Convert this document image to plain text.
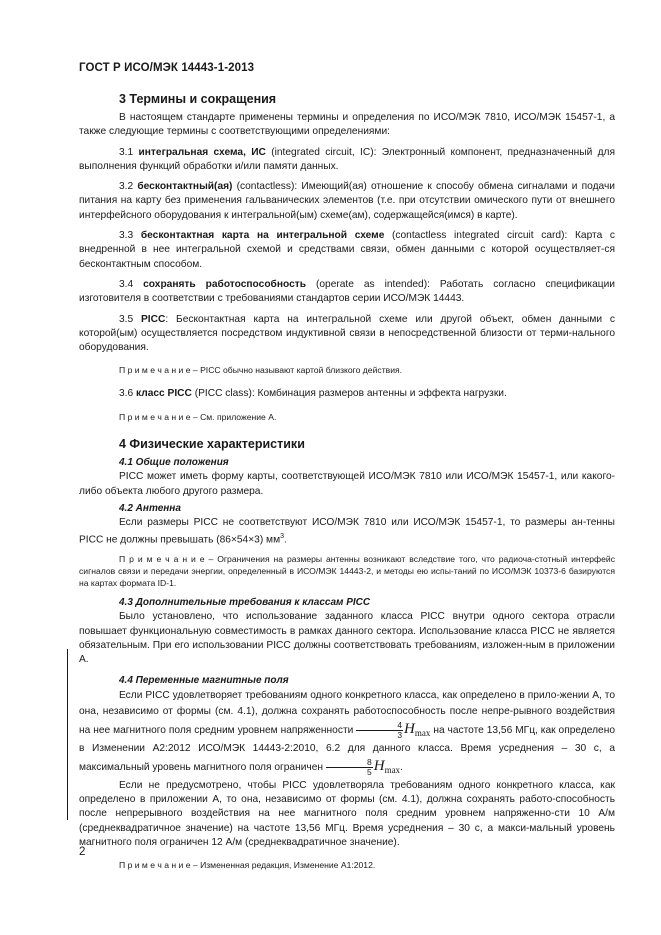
ГОСТ Р ИСО/МЭК 14443-1-2013
3 Термины и сокращения

В настоящем стандарте применены термины и определения по ИСО/МЭК 7810, ИСО/МЭК 15457-1, а также следующие термины с соответствующими определениями:

3.1 интегральная схема, ИС (integrated circuit, IC): Электронный компонент, предназначенный для выполнения функций обработки и/или памяти данных.

3.2 бесконтактный(ая) (contactless): Имеющий(ая) отношение к способу обмена сигналами и подачи питания на карту без применения гальванических элементов (т.е. при отсутствии омического пути от внешнего интерфейсного оборудования к интегральной(ым) схеме(ам), содержащейся(имся) в карте).

3.3 бесконтактная карта на интегральной схеме (contactless integrated circuit card): Карта с внедренной в нее интегральной схемой и средствами связи, обмен данными с которой осуществляет-ся бесконтактным способом.

3.4 сохранять работоспособность (operate as intended): Работать согласно спецификации изготовителя в соответствии с требованиями стандартов серии ИСО/МЭК 14443.

3.5 PICC: Бесконтактная карта на интегральной схеме или другой объект, обмен данными с которой(ым) осуществляется посредством индуктивной связи в непосредственной близости от терми-нального оборудования.

П р и м е ч а н и е – PICC обычно называют картой близкого действия.

3.6 класс PICC (PICC class): Комбинация размеров антенны и эффекта нагрузки.

П р и м е ч а н и е – См. приложение А.

4 Физические характеристики

4.1 Общие положения

PICC может иметь форму карты, соответствующей ИСО/МЭК 7810 или ИСО/МЭК 15457-1, или какого-либо объекта любого другого размера.

4.2 Антенна

Если размеры PICC не соответствуют ИСО/МЭК 7810 или ИСО/МЭК 15457-1, то размеры ан-тенны PICC не должны превышать (86×54×3) $мм^3$.

П р и м е ч а н и е – Ограничения на размеры антенны возникают вследствие того, что радиоча-стотный интерфейс сигналов связи и передачи энергии, определенный в ИСО/МЭК 14443-2, и методы ею испы-таний по ИСО/МЭК 10373-6 базируются на картах формата ID-1.

4.3 Дополнительные требования к классам PICC

Было установлено, что использование заданного класса PICC внутри одного сектора отрасли повышает функциональную совместимость в рамках данного сектора. Использование класса PICC не является обязательным. При его использовании PICC должны соответствовать требованиям, изложен-ным в приложении А.

4.4 Переменные магнитные поля

Если PICC удовлетворяет требованиям одного конкретного класса, как определено в прило-жении А, то она, независимо от формы (см. 4.1), должна сохранять работоспособность после непре-рывного воздействия на нее магнитного поля средним уровнем напряженности $\frac{4}{3} H_{max}$ на частоте 13,56 МГц, как определено в Изменении А2:2012 ИСО/МЭК 14443-2:2010, 6.2 для данного класса. Время усреднения – 30 с, а максимальный уровень магнитного поля ограничен $\frac{8}{5} H_{max}$.

Если не предусмотрено, чтобы PICC удовлетворяла требованиям одного конкретного класса, как определено в приложении А, то она, независимо от формы (см. 4.1), должна сохранять работо-способность после непрерывного воздействия на нее магнитного поля средним уровнем напряженно-сти 10 А/м (среднеквадратичное значение) на частоте 13,56 МГц. Время усреднения – 30 с, а макси-мальный уровень магнитного поля ограничен 12 А/м (среднеквадратичное значение).

П р и м е ч а н и е – Измененная редакция, Изменение А1:2012.

2
